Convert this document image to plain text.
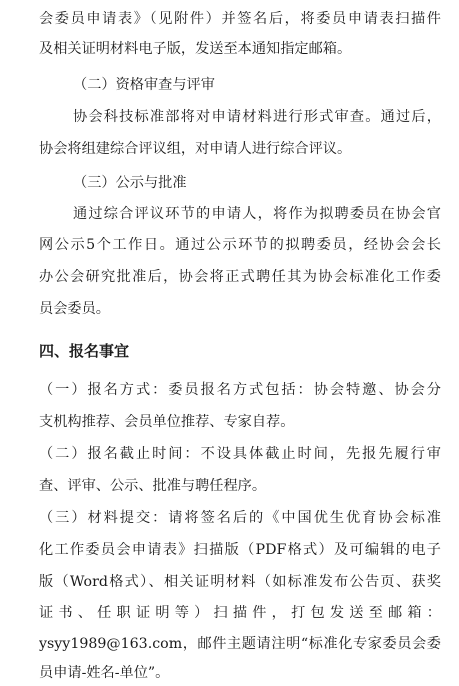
会委员申请表》（见附件）并签名后，将委员申请表扫描件
及相关证明材料电子版，发送至本通知指定邮箱。
（二）资格审查与评审
协会科技标准部将对申请材料进行形式审查。通过后，
协会将组建综合评议组，对申请人进行综合评议。
（三）公示与批准
通过综合评议环节的申请人，将作为拟聘委员在协会官
网公示5个工作日。通过公示环节的拟聘委员，经协会会长
办公会研究批准后，协会将正式聘任其为协会标准化工作委
员会委员。
四、报名事宜
（一）报名方式：委员报名方式包括：协会特邀、协会分
支机构推荐、会员单位推荐、专家自荐。
（二）报名截止时间：不设具体截止时间，先报先履行审
查、评审、公示、批准与聘任程序。
（三）材料提交：请将签名后的《中国优生优育协会标准
化工作委员会申请表》扫描版（PDF格式）及可编辑的电子
版（Word格式）、相关证明材料（如标准发布公告页、获奖
证书、任职证明等）扫描件，打包发送至邮箱：
ysyy1989@163.com，邮件主题请注明“标准化专家委员会委
员申请-姓名-单位”。
